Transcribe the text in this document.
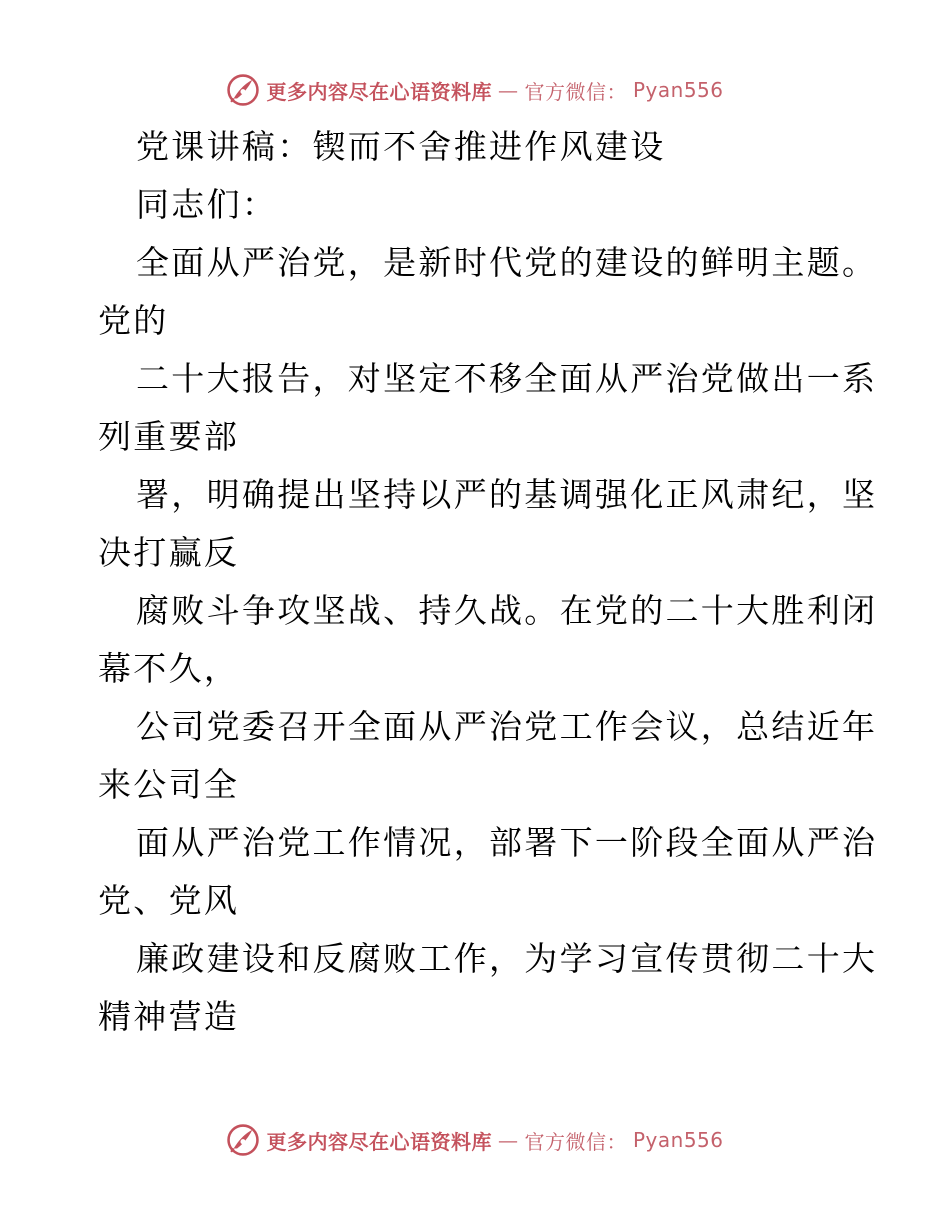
更多内容尽在心语资料库 — 官方微信： Pyan556
党课讲稿：锲而不舍推进作风建设
同志们：
全面从严治党，是新时代党的建设的鲜明主题。
党的
二十大报告，对坚定不移全面从严治党做出一系
列重要部
署，明确提出坚持以严的基调强化正风肃纪，坚
决打赢反
腐败斗争攻坚战、持久战。在党的二十大胜利闭
幕不久，
公司党委召开全面从严治党工作会议，总结近年
来公司全
面从严治党工作情况，部署下一阶段全面从严治
党、党风
廉政建设和反腐败工作，为学习宣传贯彻二十大
精神营造
更多内容尽在心语资料库 — 官方微信： Pyan556
